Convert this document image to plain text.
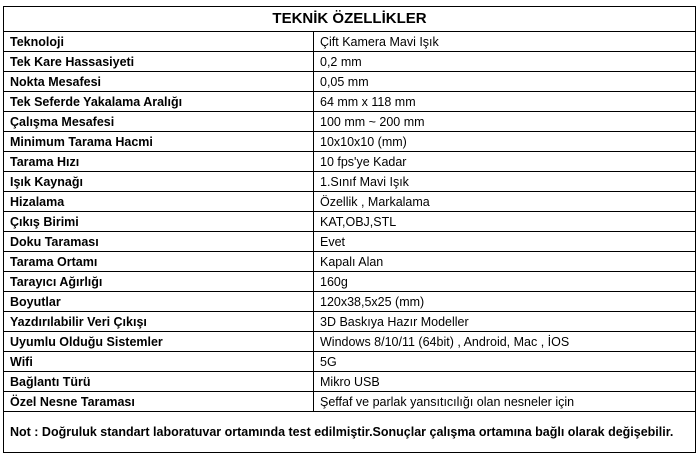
TEKNİK ÖZELLİKLER	
Teknoloji	Çift Kamera Mavi Işık
Tek Kare Hassasiyeti	0,2 mm
Nokta Mesafesi	0,05 mm
Tek Seferde Yakalama Aralığı	64 mm x 118 mm
Çalışma Mesafesi	100 mm ~ 200 mm
Minimum Tarama Hacmi	10x10x10 (mm)
Tarama Hızı	10 fps'ye Kadar
Işık Kaynağı	1.Sınıf Mavi Işık
Hizalama	Özellik , Markalama
Çıkış Birimi	KAT,OBJ,STL
Doku Taraması	Evet
Tarama Ortamı	Kapalı Alan
Tarayıcı Ağırlığı	160g
Boyutlar	120x38,5x25 (mm)
Yazdırılabilir Veri Çıkışı	3D Baskıya Hazır Modeller
Uyumlu Olduğu Sistemler	Windows 8/10/11 (64bit) , Android, Mac , İOS
Wifi	5G
Bağlantı Türü	Mikro USB
Özel Nesne Taraması	Şeffaf ve parlak yansıtıcılığı olan nesneler için
Not : Doğruluk standart laboratuvar ortamında test edilmiştir.Sonuçlar çalışma ortamına bağlı olarak değişebilir.	
